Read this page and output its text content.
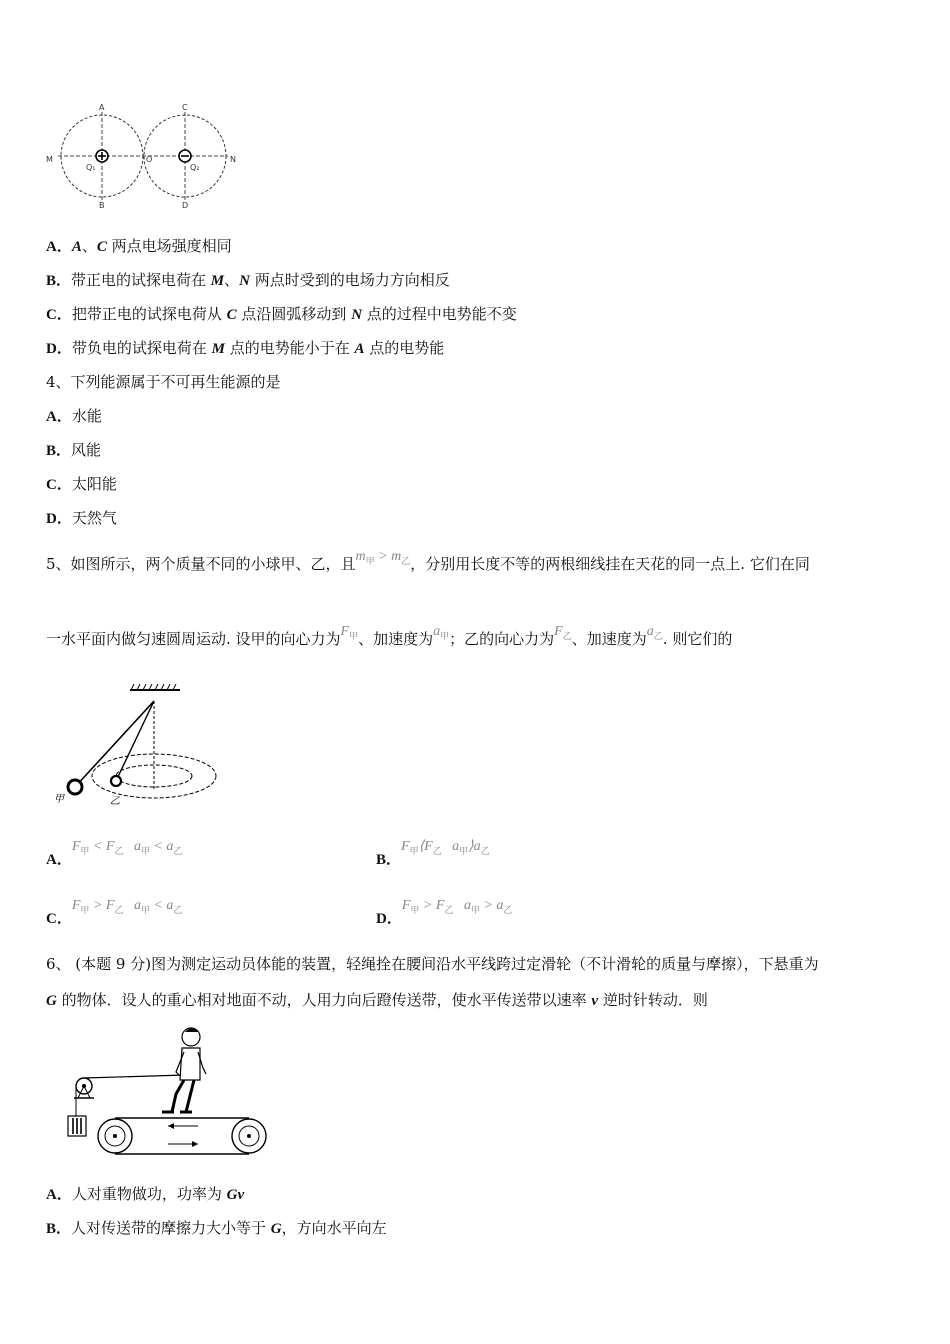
A
B
C
D
M	N
O
Q₁	Q₂
A．A、C 两点电场强度相同
B．带正电的试探电荷在 M、N 两点时受到的电场力方向相反
C．把带正电的试探电荷从 C 点沿圆弧移动到 N 点的过程中电势能不变
D．带负电的试探电荷在 M 点的电势能小于在 A 点的电势能
4、下列能源属于不可再生能源的是
A．水能
B．风能
C．太阳能
D．天然气
5、如图所示，两个质量不同的小球甲、乙，且$m_甲 > m_乙$，分别用长度不等的两根细线挂在天花的同一点上. 它们在同
一水平面内做匀速圆周运动. 设甲的向心力为$F_甲$、加速度为$a_甲$；乙的向心力为$F_乙$、加速度为$a_乙$. 则它们的
甲	乙
A．$F_甲 < F_乙$ $a_甲 < a_乙$
B．$F_甲⟨F_乙$ $a_甲⟩a_乙$
C．$F_甲 > F_乙$ $a_甲 < a_乙$
D．$F_甲 > F_乙$ $a_甲 > a_乙$
6、 (本题 9 分)图为测定运动员体能的装置，轻绳拴在腰间沿水平线跨过定滑轮（不计滑轮的质量与摩擦），下悬重为
G 的物体．设人的重心相对地面不动，人用力向后蹬传送带，使水平传送带以速率 v 逆时针转动．则
A．人对重物做功，功率为 Gv
B．人对传送带的摩擦力大小等于 G，方向水平向左
